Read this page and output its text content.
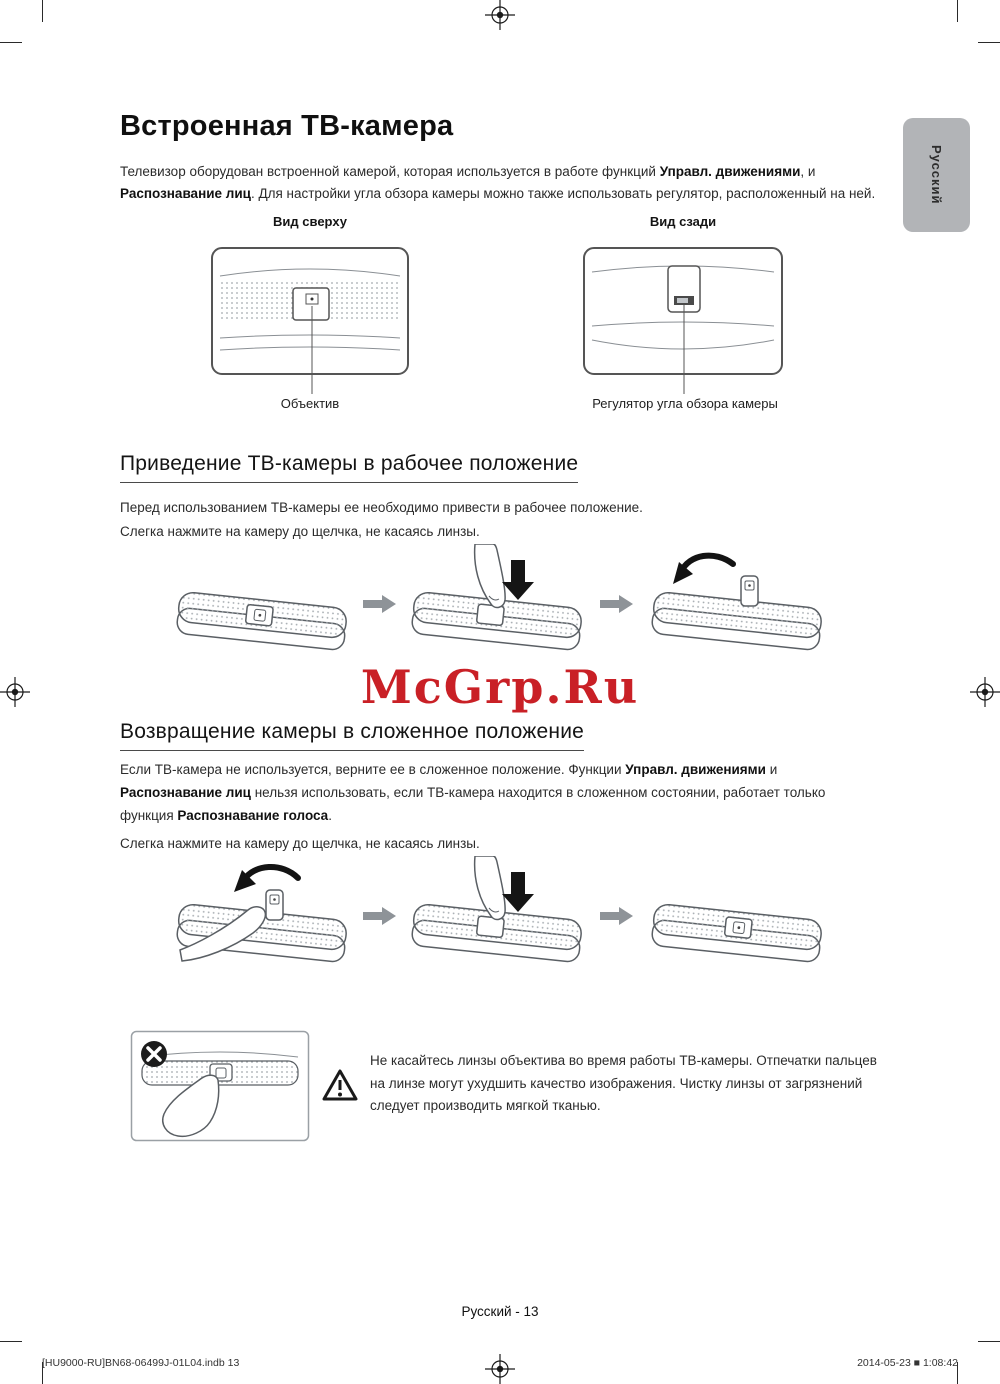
Русский
Встроенная ТВ-камера

Телевизор оборудован встроенной камерой, которая используется в работе функций Управл. движениями, и Распознавание лиц. Для настройки угла обзора камеры можно также использовать регулятор, расположенный на ней.

Вид сверху	Вид сзади
Объектив	Регулятор угла обзора камеры
Приведение ТВ-камеры в рабочее положение

Перед использованием ТВ-камеры ее необходимо привести в рабочее положение.

Слегка нажмите на камеру до щелчка, не касаясь линзы.

McGrp.Ru
Возвращение камеры в сложенное положение

Если ТВ-камера не используется, верните ее в сложенное положение. Функции Управл. движениями и Распознавание лиц нельзя использовать, если ТВ-камера находится в сложенном состоянии, работает только функция Распознавание голоса.

Слегка нажмите на камеру до щелчка, не касаясь линзы.

Не касайтесь линзы объектива во время работы ТВ-камеры. Отпечатки пальцев на линзе могут ухудшить качество изображения. Чистку линзы от загрязнений следует производить мягкой тканью.

Русский - 13
[HU9000-RU]BN68-06499J-01L04.indb 13	2014-05-23 ■ 1:08:42
